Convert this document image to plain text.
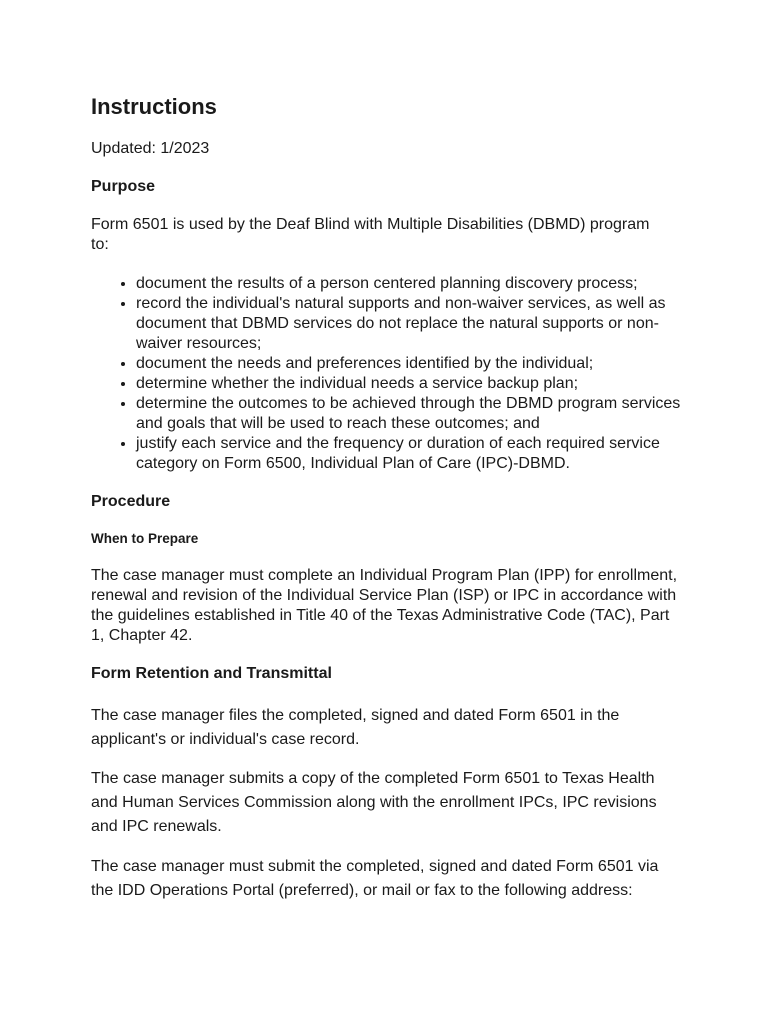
Instructions
Updated: 1/2023
Purpose
Form 6501 is used by the Deaf Blind with Multiple Disabilities (DBMD) program to:
• document the results of a person centered planning discovery process;
• record the individual's natural supports and non-waiver services, as well as document that DBMD services do not replace the natural supports or non-waiver resources;
• document the needs and preferences identified by the individual;
• determine whether the individual needs a service backup plan;
• determine the outcomes to be achieved through the DBMD program services and goals that will be used to reach these outcomes; and
• justify each service and the frequency or duration of each required service category on Form 6500, Individual Plan of Care (IPC)-DBMD.
Procedure
When to Prepare
The case manager must complete an Individual Program Plan (IPP) for enrollment, renewal and revision of the Individual Service Plan (ISP) or IPC in accordance with the guidelines established in Title 40 of the Texas Administrative Code (TAC), Part 1, Chapter 42.
Form Retention and Transmittal
The case manager files the completed, signed and dated Form 6501 in the applicant's or individual's case record.
The case manager submits a copy of the completed Form 6501 to Texas Health and Human Services Commission along with the enrollment IPCs, IPC revisions and IPC renewals.
The case manager must submit the completed, signed and dated Form 6501 via the IDD Operations Portal (preferred), or mail or fax to the following address:
